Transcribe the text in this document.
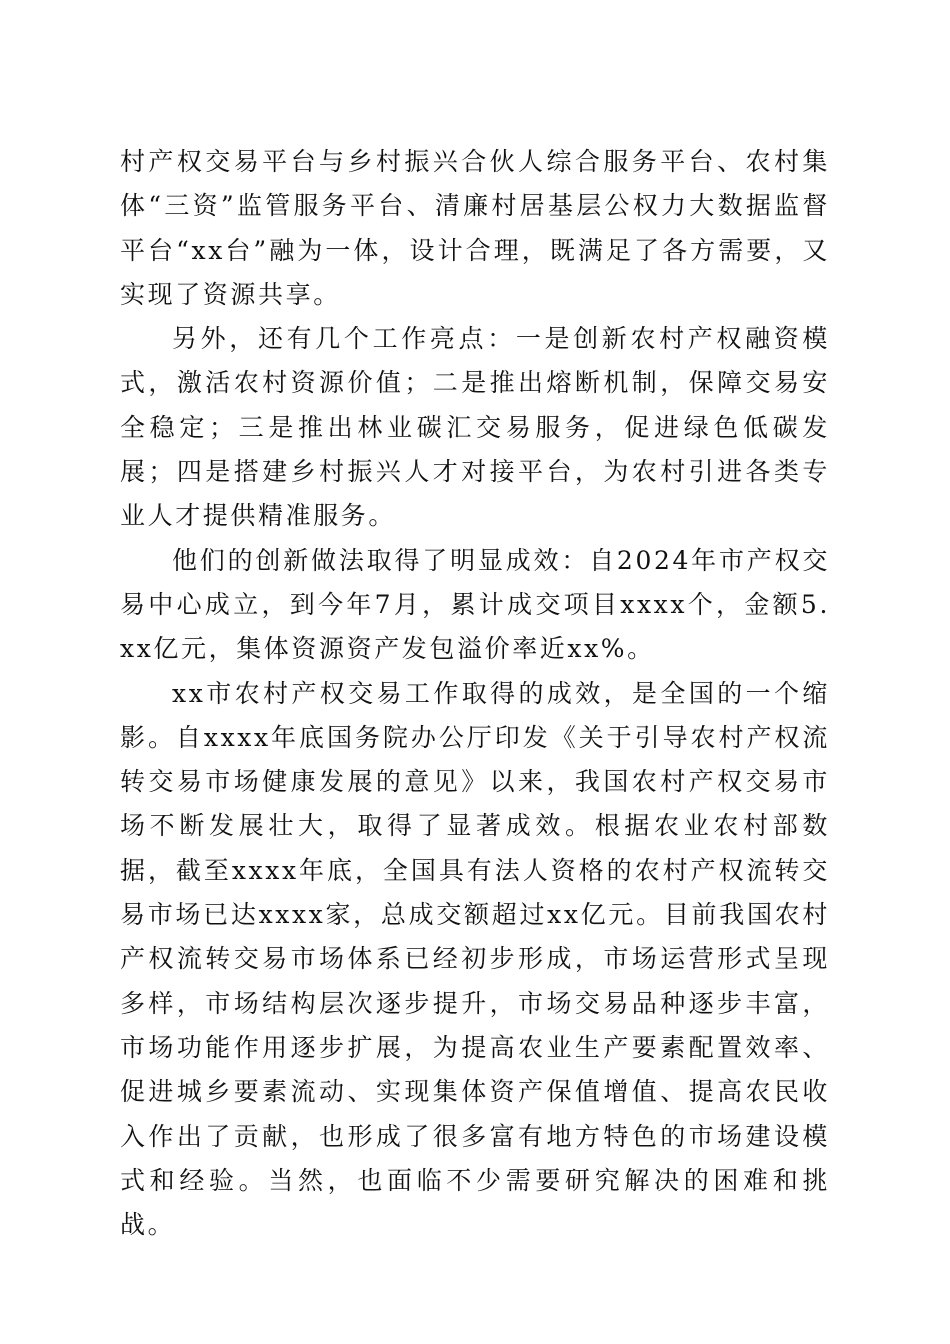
村产权交易平台与乡村振兴合伙人综合服务平台、农村集体“三资”监管服务平台、清廉村居基层公权力大数据监督平台“xx台”融为一体，设计合理，既满足了各方需要，又实现了资源共享。

另外，还有几个工作亮点：一是创新农村产权融资模式，激活农村资源价值；二是推出熔断机制，保障交易安全稳定；三是推出林业碳汇交易服务，促进绿色低碳发展；四是搭建乡村振兴人才对接平台，为农村引进各类专业人才提供精准服务。

他们的创新做法取得了明显成效：自2024年市产权交易中心成立，到今年7月，累计成交项目xxxx个，金额5.xx亿元，集体资源资产发包溢价率近xx%。

xx市农村产权交易工作取得的成效，是全国的一个缩影。自xxxx年底国务院办公厅印发《关于引导农村产权流转交易市场健康发展的意见》以来，我国农村产权交易市场不断发展壮大，取得了显著成效。根据农业农村部数据，截至xxxx年底，全国具有法人资格的农村产权流转交易市场已达xxxx家，总成交额超过xx亿元。目前我国农村产权流转交易市场体系已经初步形成，市场运营形式呈现多样，市场结构层次逐步提升，市场交易品种逐步丰富，市场功能作用逐步扩展，为提高农业生产要素配置效率、促进城乡要素流动、实现集体资产保值增值、提高农民收入作出了贡献，也形成了很多富有地方特色的市场建设模式和经验。当然，也面临不少需要研究解决的困难和挑战。
